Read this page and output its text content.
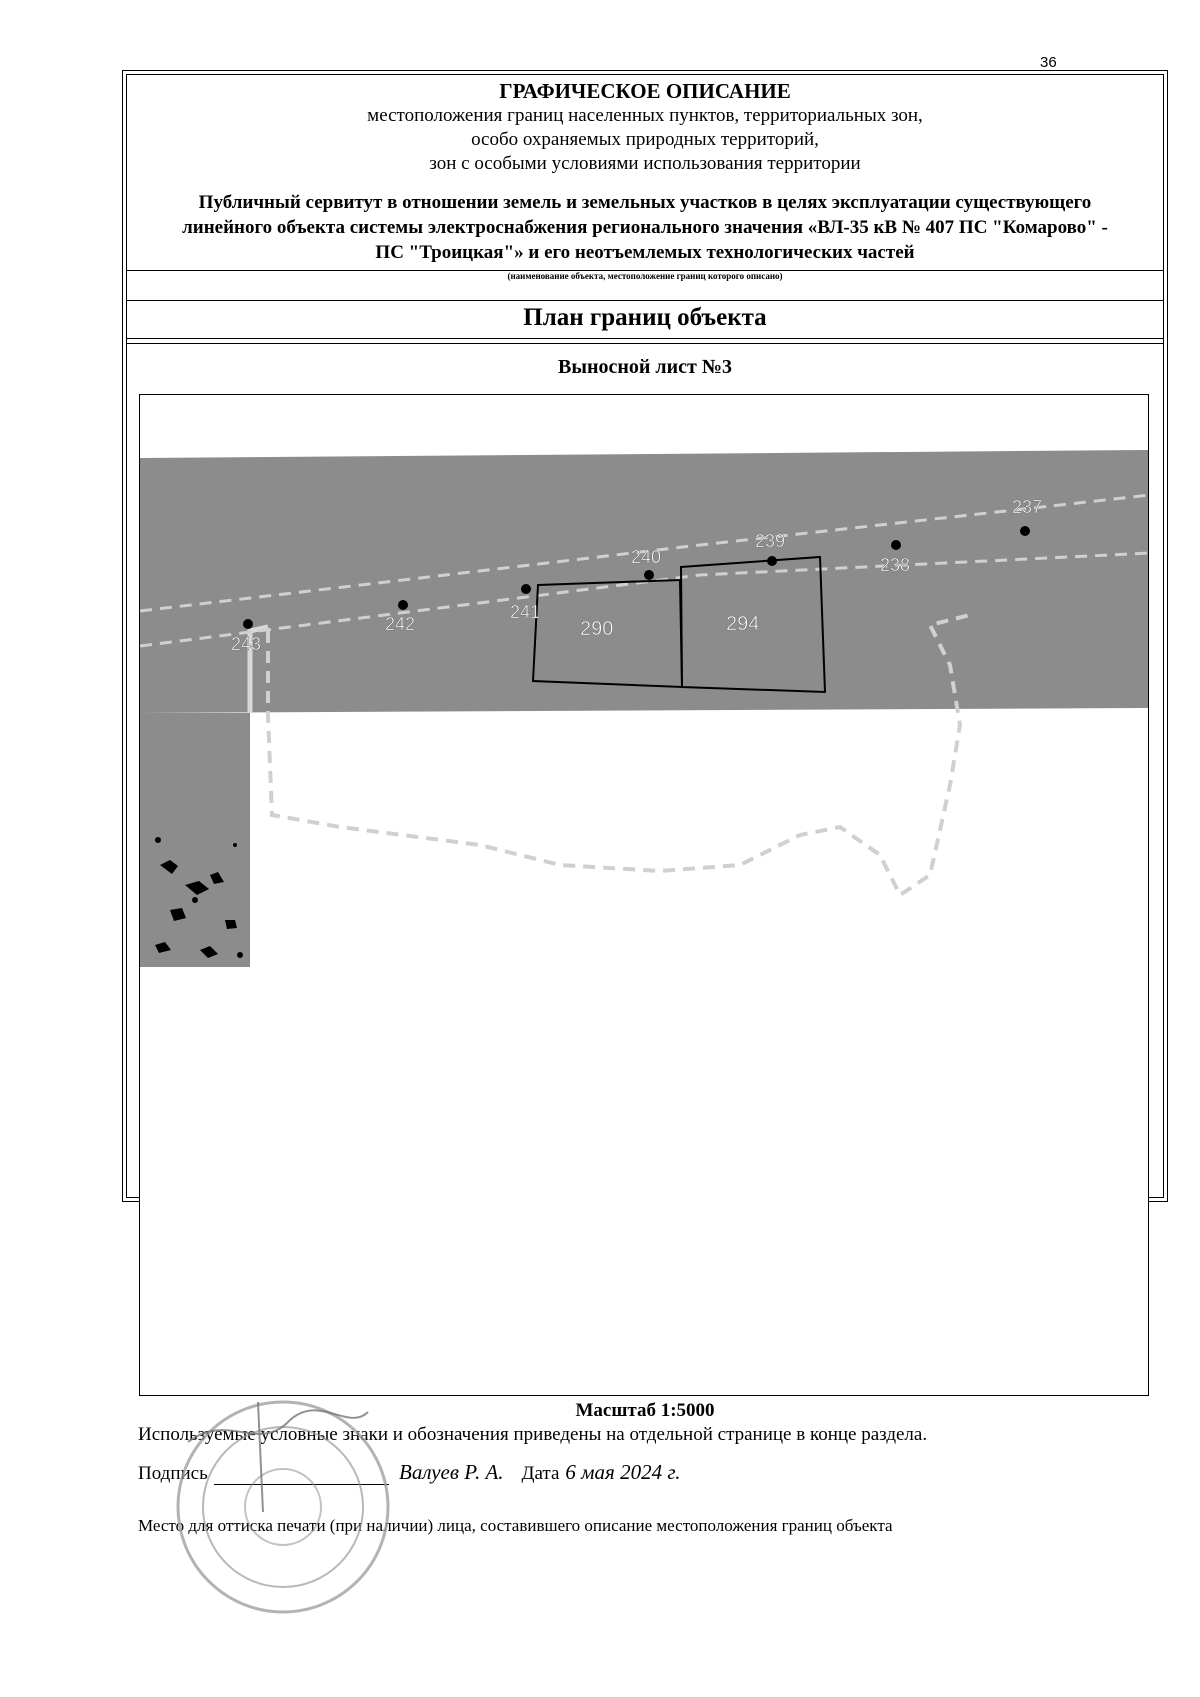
36
ГРАФИЧЕСКОЕ ОПИСАНИЕ
местоположения границ населенных пунктов, территориальных зон,
особо охраняемых природных территорий,
зон с особыми условиями использования территории
Публичный сервитут в отношении земель и земельных участков в целях эксплуатации существующего линейного объекта системы электроснабжения регионального значения «ВЛ-35 кВ № 407 ПС "Комарово" - ПС "Троицкая"» и его неотъемлемых технологических частей
(наименование объекта, местоположение границ которого описано)
План границ объекта
Выносной лист №3
243
242
241
240
239
238
237
290	294
Масштаб 1:5000
Используемые условные знаки и обозначения приведены на отдельной странице в конце раздела.
Подпись	Валуев Р. А. Дата 6 мая 2024 г.
Место для оттиска печати (при наличии) лица, составившего описание местоположения границ объекта
